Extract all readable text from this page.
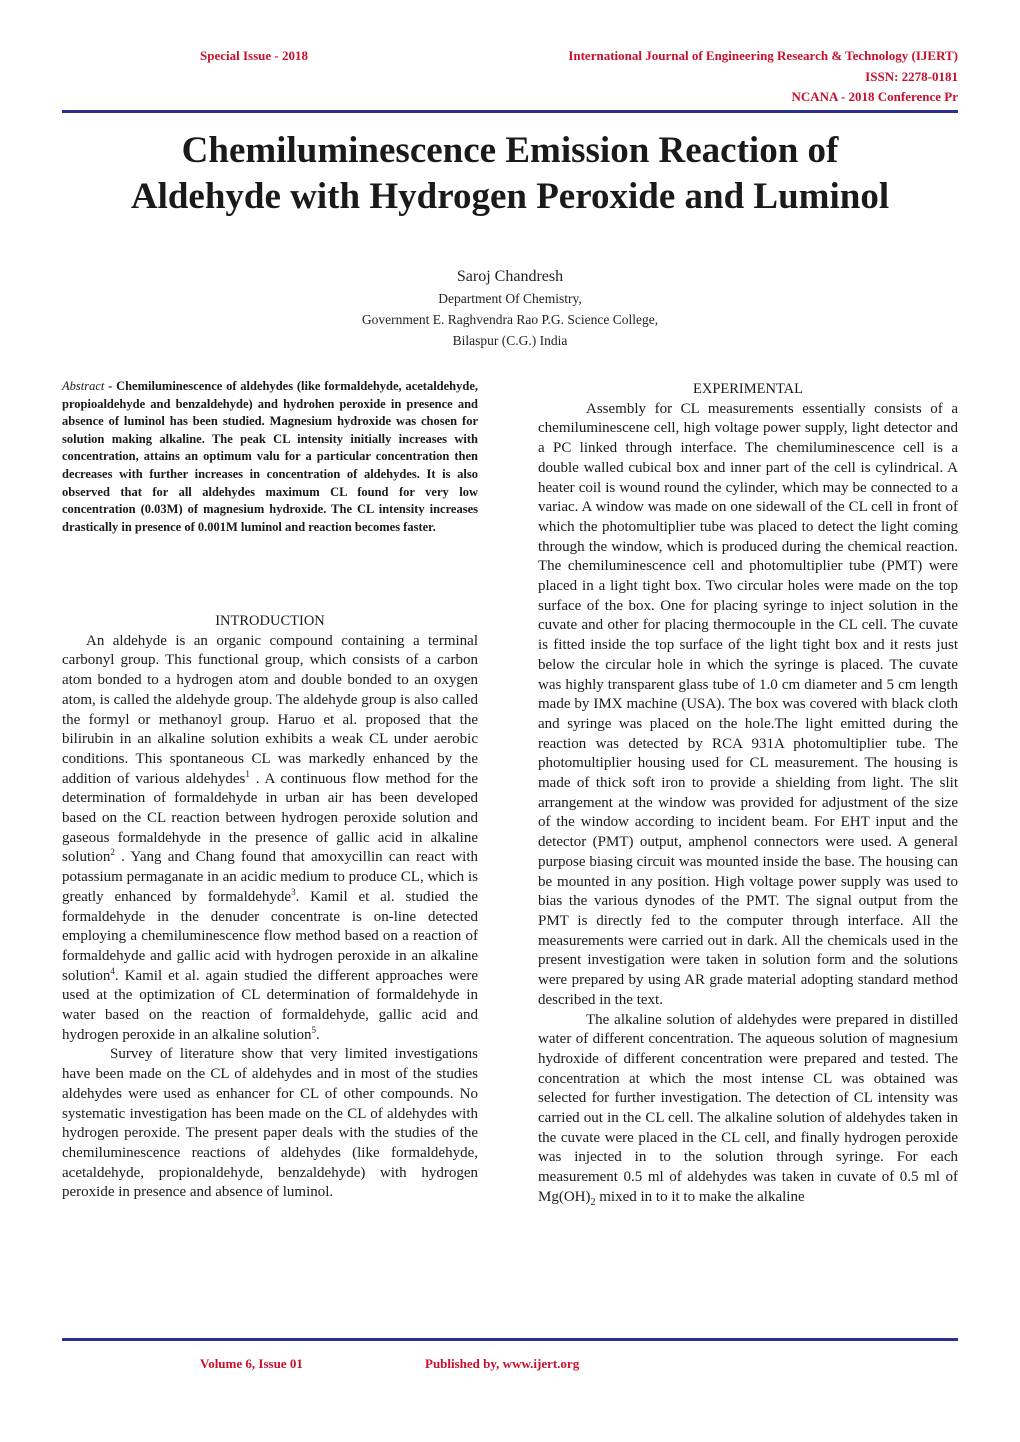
Special Issue - 2018	International Journal of Engineering Research & Technology (IJERT)
ISSN: 2278-0181
NCANA - 2018 Conference Pr
Chemiluminescence Emission Reaction of
Aldehyde with Hydrogen Peroxide and Luminol
Saroj Chandresh
Department Of Chemistry,
Government E. Raghvendra Rao P.G. Science College,
Bilaspur (C.G.) India
Abstract - Chemiluminescence of aldehydes (like formaldehyde, acetaldehyde, propioaldehyde and benzaldehyde) and hydrohen peroxide in presence and absence of luminol has been studied. Magnesium hydroxide was chosen for solution making alkaline. The peak CL intensity initially increases with concentration, attains an optimum valu for a particular concentration then decreases with further increases in concentration of aldehydes. It is also observed that for all aldehydes maximum CL found for very low concentration (0.03M) of magnesium hydroxide. The CL intensity increases drastically in presence of 0.001M luminol and reaction becomes faster.

INTRODUCTION

An aldehyde is an organic compound containing a terminal carbonyl group. This functional group, which consists of a carbon atom bonded to a hydrogen atom and double bonded to an oxygen atom, is called the aldehyde group. The aldehyde group is also called the formyl or methanoyl group. Haruo et al. proposed that the bilirubin in an alkaline solution exhibits a weak CL under aerobic conditions. This spontaneous CL was markedly enhanced by the addition of various aldehydes$^1$ . A continuous flow method for the determination of formaldehyde in urban air has been developed based on the CL reaction between hydrogen peroxide solution and gaseous formaldehyde in the presence of gallic acid in alkaline solution$^2$ . Yang and Chang found that amoxycillin can react with potassium permaganate in an acidic medium to produce CL, which is greatly enhanced by formaldehyde$^3$. Kamil et al. studied the formaldehyde in the denuder concentrate is on-line detected employing a chemiluminescence flow method based on a reaction of formaldehyde and gallic acid with hydrogen peroxide in an alkaline solution$^4$. Kamil et al. again studied the different approaches were used at the optimization of CL determination of formaldehyde in water based on the reaction of formaldehyde, gallic acid and hydrogen peroxide in an alkaline solution$^5$.

Survey of literature show that very limited investigations have been made on the CL of aldehydes and in most of the studies aldehydes were used as enhancer for CL of other compounds. No systematic investigation has been made on the CL of aldehydes with hydrogen peroxide. The present paper deals with the studies of the chemiluminescence reactions of aldehydes (like formaldehyde, acetaldehyde, propionaldehyde, benzaldehyde) with hydrogen peroxide in presence and absence of luminol.

EXPERIMENTAL

Assembly for CL measurements essentially consists of a chemiluminescene cell, high voltage power supply, light detector and a PC linked through interface. The chemiluminescence cell is a double walled cubical box and inner part of the cell is cylindrical. A heater coil is wound round the cylinder, which may be connected to a variac. A window was made on one sidewall of the CL cell in front of which the photomultiplier tube was placed to detect the light coming through the window, which is produced during the chemical reaction. The chemiluminescence cell and photomultiplier tube (PMT) were placed in a light tight box. Two circular holes were made on the top surface of the box. One for placing syringe to inject solution in the cuvate and other for placing thermocouple in the CL cell. The cuvate is fitted inside the top surface of the light tight box and it rests just below the circular hole in which the syringe is placed. The cuvate was highly transparent glass tube of 1.0 cm diameter and 5 cm length made by IMX machine (USA). The box was covered with black cloth and syringe was placed on the hole.The light emitted during the reaction was detected by RCA 931A photomultiplier tube. The photomultiplier housing used for CL measurement. The housing is made of thick soft iron to provide a shielding from light. The slit arrangement at the window was provided for adjustment of the size of the window according to incident beam. For EHT input and the detector (PMT) output, amphenol connectors were used. A general purpose biasing circuit was mounted inside the base. The housing can be mounted in any position. High voltage power supply was used to bias the various dynodes of the PMT. The signal output from the PMT is directly fed to the computer through interface. All the measurements were carried out in dark. All the chemicals used in the present investigation were taken in solution form and the solutions were prepared by using AR grade material adopting standard method described in the text.

The alkaline solution of aldehydes were prepared in distilled water of different concentration. The aqueous solution of magnesium hydroxide of different concentration were prepared and tested. The concentration at which the most intense CL was obtained was selected for further investigation. The detection of CL intensity was carried out in the CL cell. The alkaline solution of aldehydes taken in the cuvate were placed in the CL cell, and finally hydrogen peroxide was injected in to the solution through syringe. For each measurement 0.5 ml of aldehydes was taken in cuvate of 0.5 ml of $Mg(OH)_2$ mixed in to it to make the alkaline

Volume 6, Issue 01	Published by, www.ijert.org
